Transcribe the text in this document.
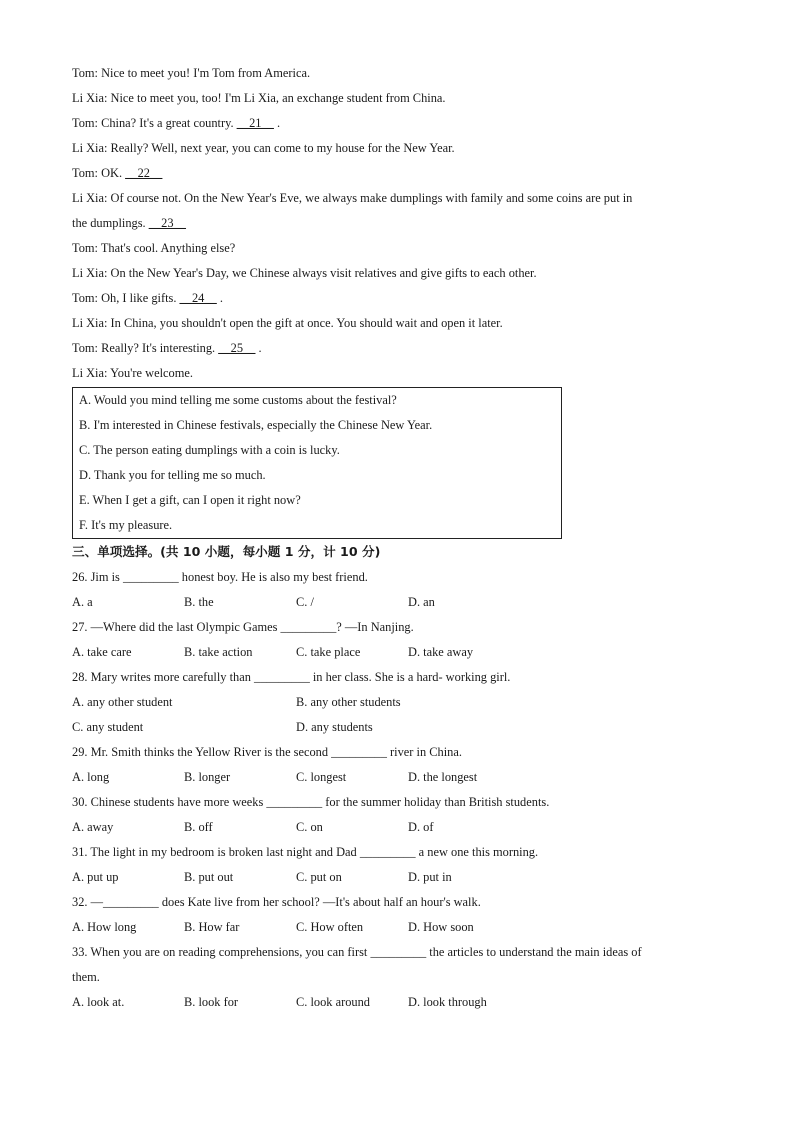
Tom: Nice to meet you! I'm Tom from America.
Li Xia: Nice to meet you, too! I'm Li Xia, an exchange student from China.
Tom: China? It's a great country. __21__ .
Li Xia: Really? Well, next year, you can come to my house for the New Year.
Tom: OK. __22__
Li Xia: Of course not. On the New Year's Eve, we always make dumplings with family and some coins are put in
the dumplings. __23__
Tom: That's cool. Anything else?
Li Xia: On the New Year's Day, we Chinese always visit relatives and give gifts to each other.
Tom: Oh, I like gifts. __24__ .
Li Xia: In China, you shouldn't open the gift at once. You should wait and open it later.
Tom: Really? It's interesting. __25__ .
Li Xia: You're welcome.
A. Would you mind telling me some customs about the festival?
B. I'm interested in Chinese festivals, especially the Chinese New Year.
C. The person eating dumplings with a coin is lucky.
D. Thank you for telling me so much.
E. When I get a gift, can I open it right now?
F. It's my pleasure.
三、单项选择。(共 10 小题，每小题 1 分，计 10 分)
26. Jim is _________ honest boy. He is also my best friend.
A. a	B. the	C. /	D. an
27. —Where did the last Olympic Games _________? —In Nanjing.
A. take care	B. take action	C. take place	D. take away
28. Mary writes more carefully than _________ in her class. She is a hard- working girl.
A. any other student	B. any other students
C. any student	D. any students
29. Mr. Smith thinks the Yellow River is the second _________ river in China.
A. long	B. longer	C. longest	D. the longest
30. Chinese students have more weeks _________ for the summer holiday than British students.
A. away	B. off	C. on	D. of
31. The light in my bedroom is broken last night and Dad _________ a new one this morning.
A. put up	B. put out	C. put on	D. put in
32. —_________ does Kate live from her school? —It's about half an hour's walk.
A. How long	B. How far	C. How often	D. How soon
33. When you are on reading comprehensions, you can first _________ the articles to understand the main ideas of
them.
A. look at.	B. look for	C. look around	D. look through
